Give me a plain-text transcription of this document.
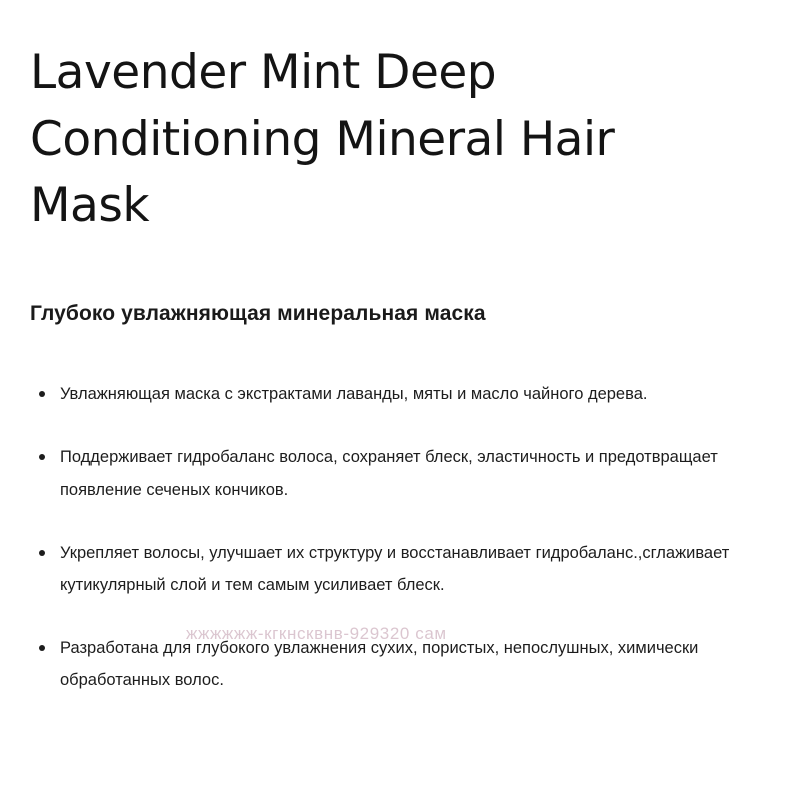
Lavender Mint Deep Conditioning Mineral Hair Mask

Глубоко увлажняющая минеральная маска

Увлажняющая маска с экстрактами лаванды, мяты и масло чайного дерева.
Поддерживает гидробаланс волоса, сохраняет блеск, эластичность и предотвращает появление сеченых кончиков.
Укрепляет волосы, улучшает их структуру и восстанавливает гидробаланс.,сглаживает кутикулярный слой и тем самым усиливает блеск.
Разработана для глубокого увлажнения сухих, пористых, непослушных, химически обработанных волос.
жжжжжж-кгкнсквнв-929320 сам
